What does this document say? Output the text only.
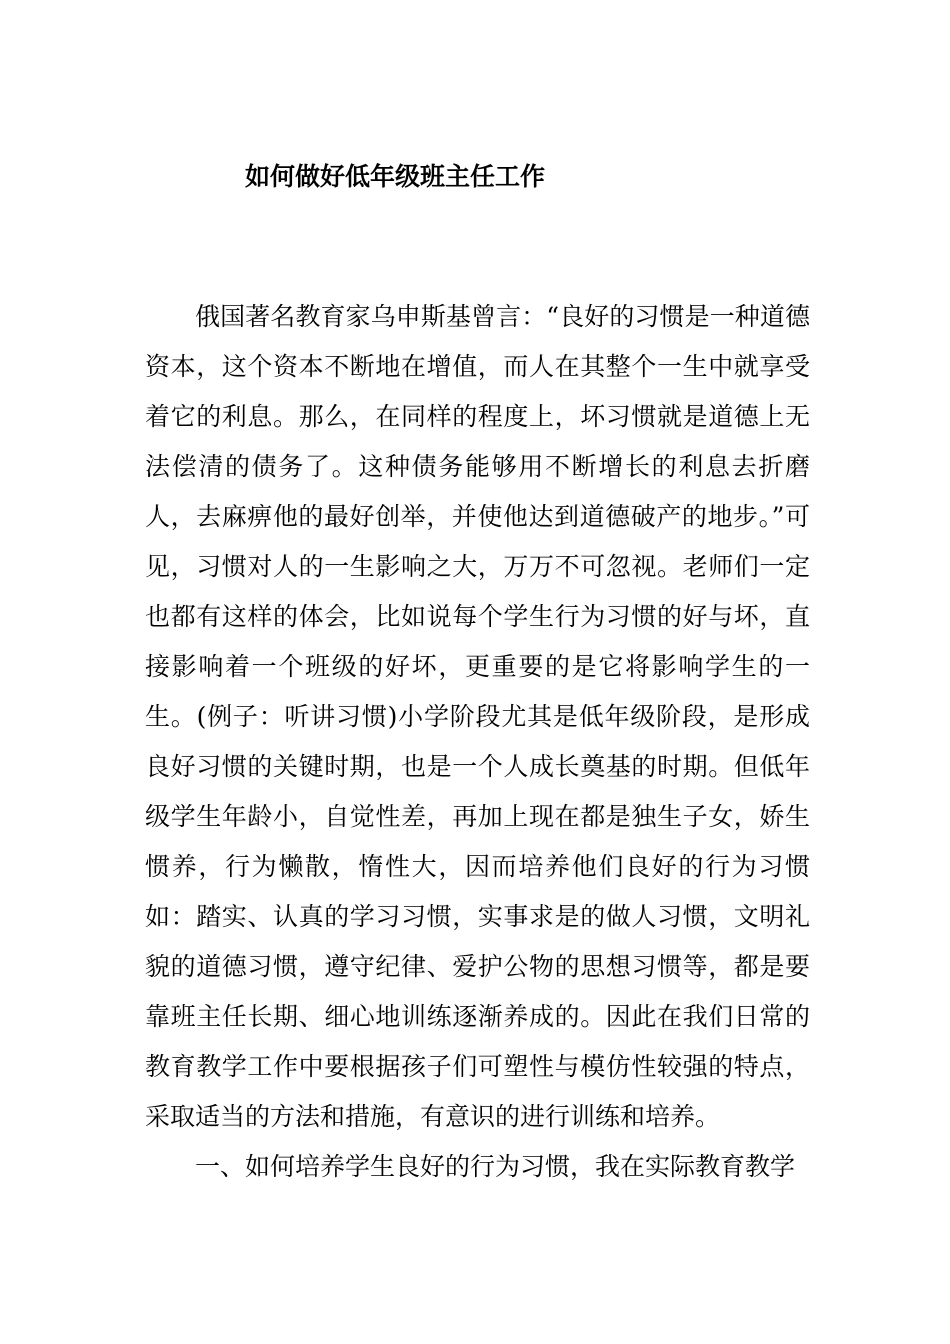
如何做好低年级班主任工作

俄国著名教育家乌申斯基曾言：“良好的习惯是一种道德资本，这个资本不断地在增值，而人在其整个一生中就享受着它的利息。那么，在同样的程度上，坏习惯就是道德上无法偿清的债务了。这种债务能够用不断增长的利息去折磨人，去麻痹他的最好创举，并使他达到道德破产的地步。”可见，习惯对人的一生影响之大，万万不可忽视。老师们一定也都有这样的体会，比如说每个学生行为习惯的好与坏，直接影响着一个班级的好坏，更重要的是它将影响学生的一生。(例子：听讲习惯)小学阶段尤其是低年级阶段，是形成良好习惯的关键时期，也是一个人成长奠基的时期。但低年级学生年龄小，自觉性差，再加上现在都是独生子女，娇生惯养，行为懒散，惰性大，因而培养他们良好的行为习惯如：踏实、认真的学习习惯，实事求是的做人习惯，文明礼貌的道德习惯，遵守纪律、爱护公物的思想习惯等，都是要靠班主任长期、细心地训练逐渐养成的。因此在我们日常的教育教学工作中要根据孩子们可塑性与模仿性较强的特点，采取适当的方法和措施，有意识的进行训练和培养。

一、如何培养学生良好的行为习惯，我在实际教育教学
